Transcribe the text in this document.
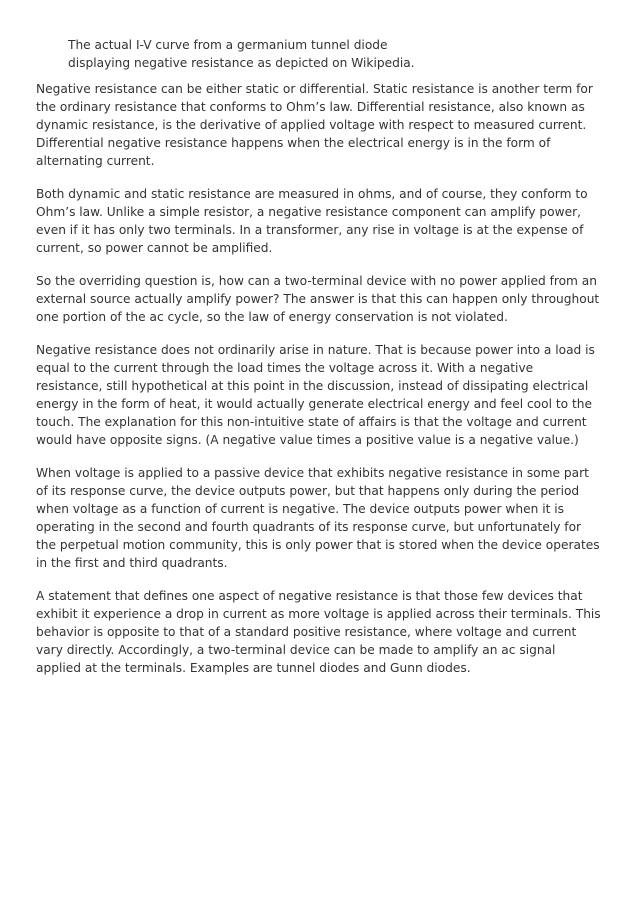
The actual I-V curve from a germanium tunnel diode
displaying negative resistance as depicted on Wikipedia.

Negative resistance can be either static or differential. Static resistance is another term for the ordinary resistance that conforms to Ohm’s law. Differential resistance, also known as dynamic resistance, is the derivative of applied voltage with respect to measured current. Differential negative resistance happens when the electrical energy is in the form of alternating current.

Both dynamic and static resistance are measured in ohms, and of course, they conform to Ohm’s law. Unlike a simple resistor, a negative resistance component can amplify power, even if it has only two terminals. In a transformer, any rise in voltage is at the expense of current, so power cannot be amplified.

So the overriding question is, how can a two-terminal device with no power applied from an external source actually amplify power? The answer is that this can happen only throughout one portion of the ac cycle, so the law of energy conservation is not violated.

Negative resistance does not ordinarily arise in nature. That is because power into a load is equal to the current through the load times the voltage across it. With a negative resistance, still hypothetical at this point in the discussion, instead of dissipating electrical energy in the form of heat, it would actually generate electrical energy and feel cool to the touch. The explanation for this non-intuitive state of affairs is that the voltage and current would have opposite signs. (A negative value times a positive value is a negative value.)

When voltage is applied to a passive device that exhibits negative resistance in some part of its response curve, the device outputs power, but that happens only during the period when voltage as a function of current is negative. The device outputs power when it is operating in the second and fourth quadrants of its response curve, but unfortunately for the perpetual motion community, this is only power that is stored when the device operates in the first and third quadrants.

A statement that defines one aspect of negative resistance is that those few devices that exhibit it experience a drop in current as more voltage is applied across their terminals. This behavior is opposite to that of a standard positive resistance, where voltage and current vary directly. Accordingly, a two-terminal device can be made to amplify an ac signal applied at the terminals. Examples are tunnel diodes and Gunn diodes.
